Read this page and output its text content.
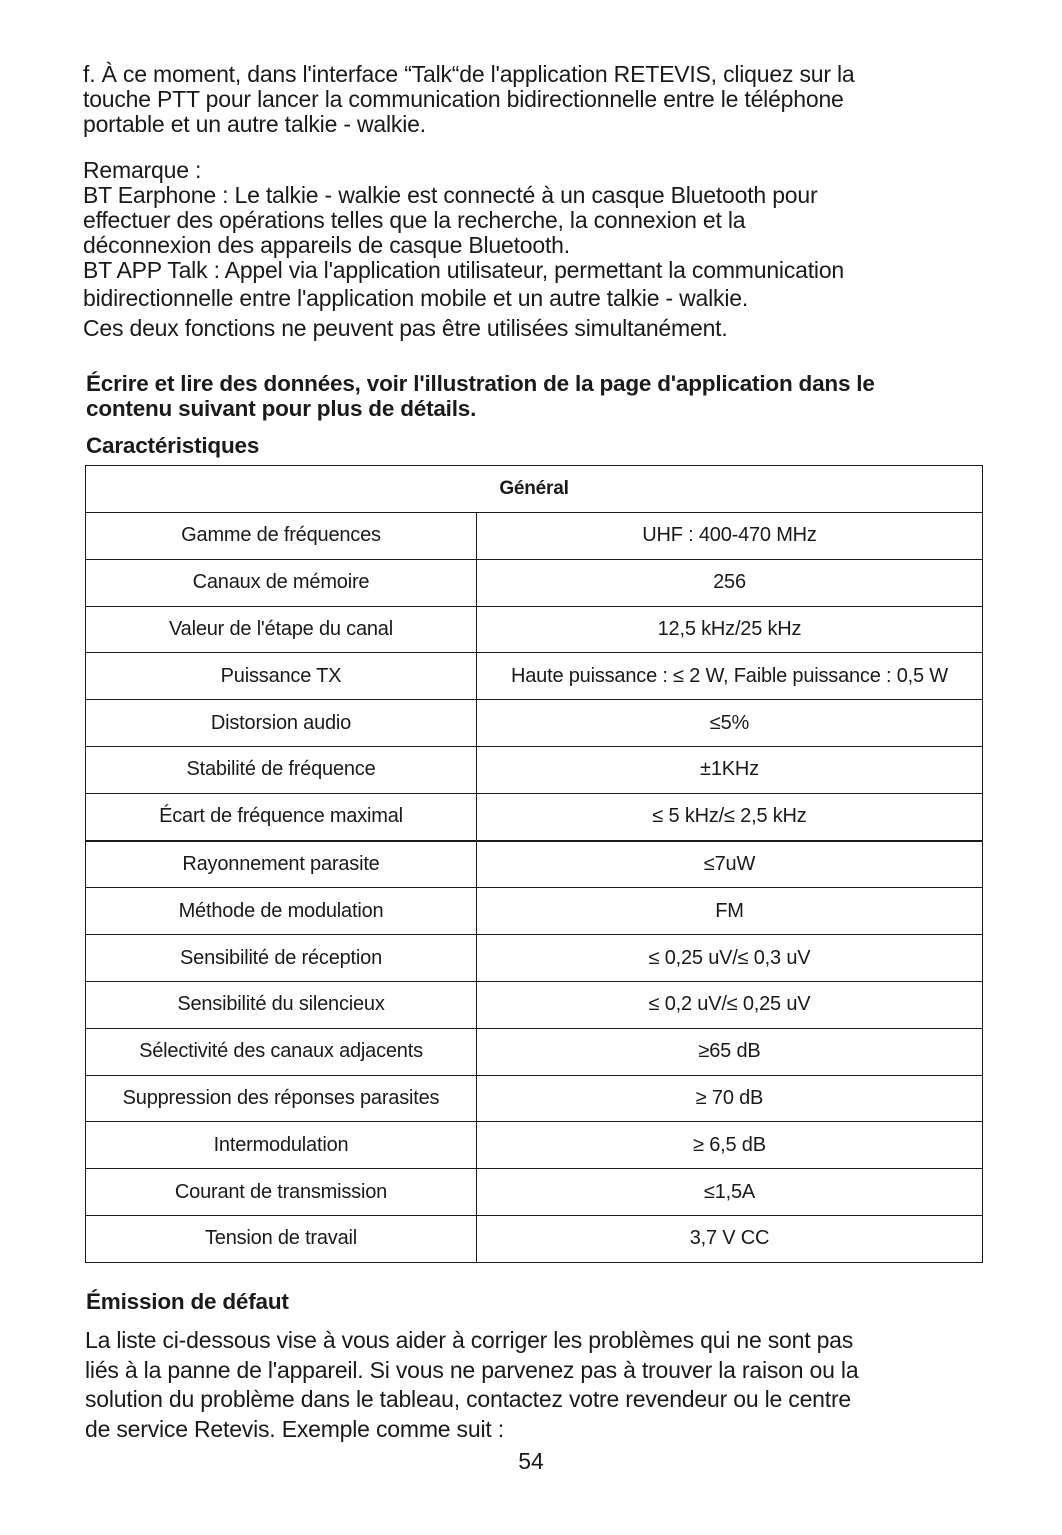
f. À ce moment, dans l'interface “Talk“de l'application RETEVIS, cliquez sur la
touche PTT pour lancer la communication bidirectionnelle entre le téléphone
portable et un autre talkie - walkie.

Remarque :
BT Earphone : Le talkie - walkie est connecté à un casque Bluetooth pour
effectuer des opérations telles que la recherche, la connexion et la
déconnexion des appareils de casque Bluetooth.
BT APP Talk : Appel via l'application utilisateur, permettant la communication
bidirectionnelle entre l'application mobile et un autre talkie - walkie.
Ces deux fonctions ne peuvent pas être utilisées simultanément.

Écrire et lire des données, voir l'illustration de la page d'application dans le
contenu suivant pour plus de détails.

Caractéristiques
Général	
Gamme de fréquences	UHF : 400-470 MHz
Canaux de mémoire	256
Valeur de l'étape du canal	12,5 kHz/25 kHz
Puissance TX	Haute puissance : ≤ 2 W, Faible puissance : 0,5 W
Distorsion audio	≤5%
Stabilité de fréquence	±1KHz
Écart de fréquence maximal	≤ 5 kHz/≤ 2,5 kHz
Rayonnement parasite	≤7uW
Méthode de modulation	FM
Sensibilité de réception	≤ 0,25 uV/≤ 0,3 uV
Sensibilité du silencieux	≤ 0,2 uV/≤ 0,25 uV
Sélectivité des canaux adjacents	≥65 dB
Suppression des réponses parasites	≥ 70 dB
Intermodulation	≥ 6,5 dB
Courant de transmission	≤1,5A
Tension de travail	3,7 V CC
Émission de défaut

La liste ci-dessous vise à vous aider à corriger les problèmes qui ne sont pas
liés à la panne de l'appareil. Si vous ne parvenez pas à trouver la raison ou la
solution du problème dans le tableau, contactez votre revendeur ou le centre
de service Retevis. Exemple comme suit :

54
